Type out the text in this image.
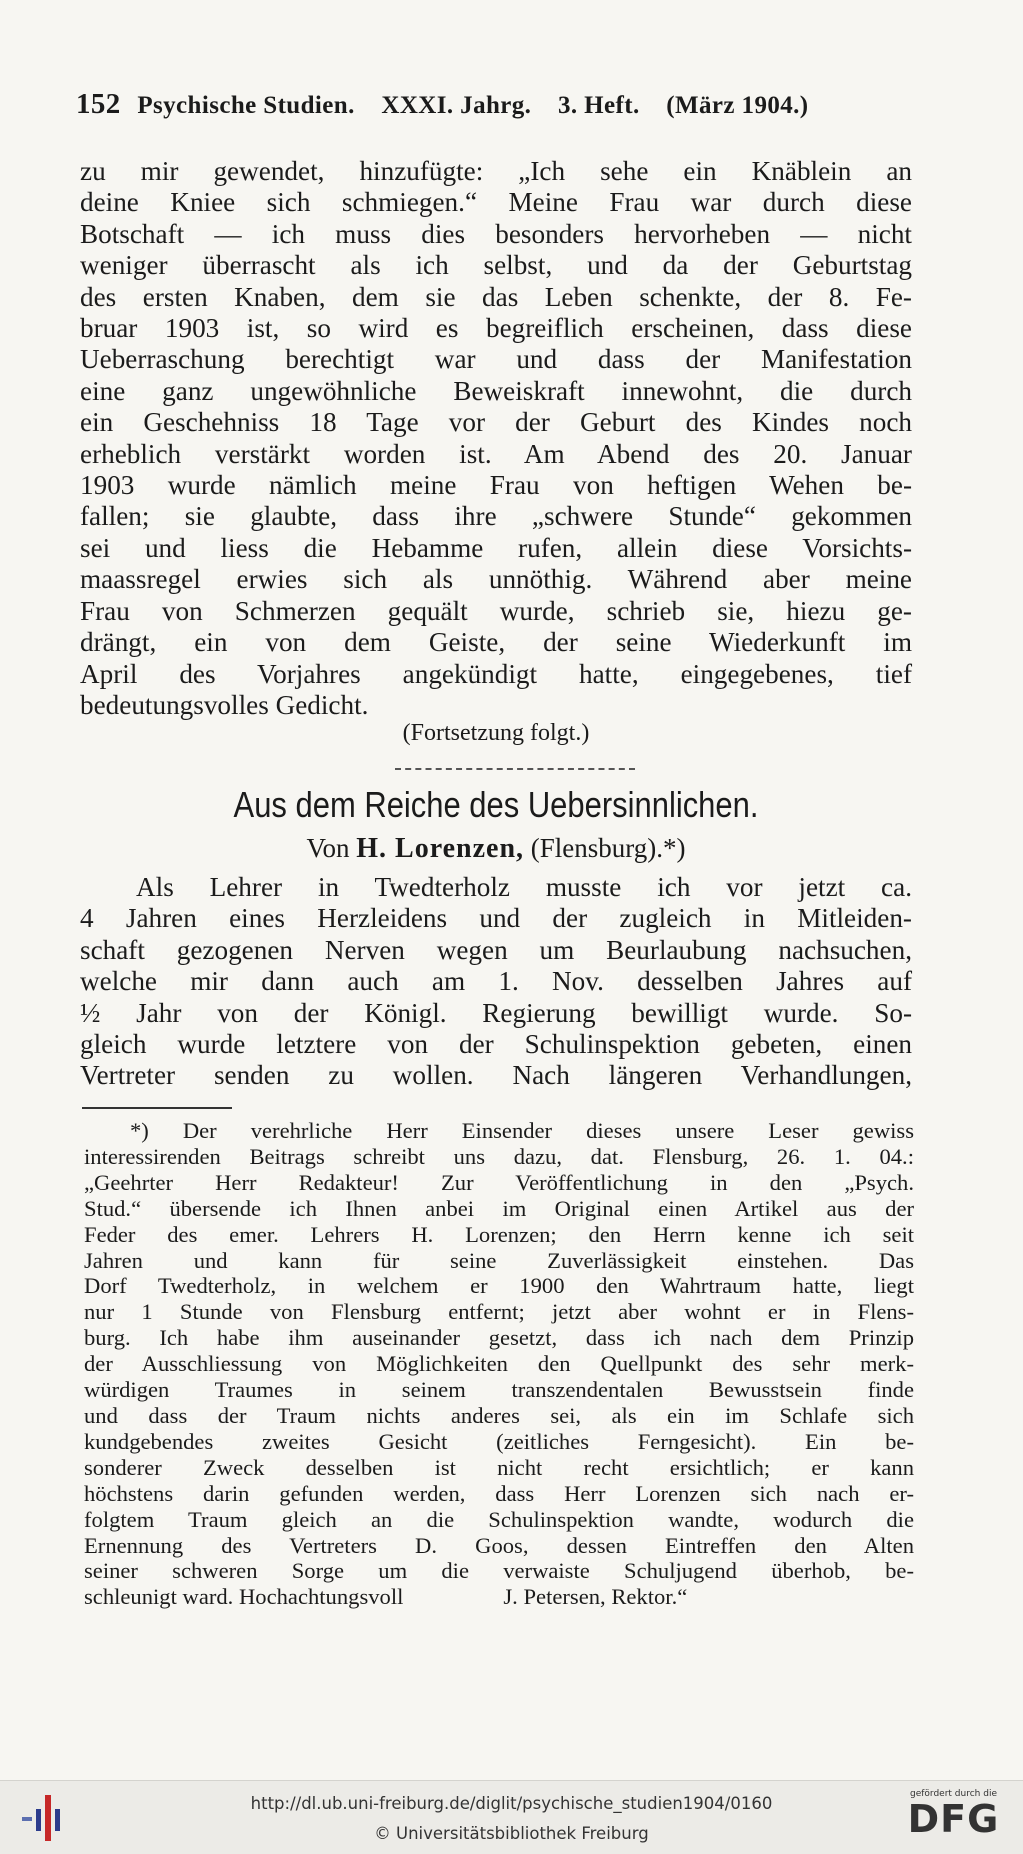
152 Psychische Studien. XXXI. Jahrg. 3. Heft. (März 1904.)
zu mir gewendet, hinzufügte: „Ich sehe ein Knäblein an
deine Kniee sich schmiegen.“ Meine Frau war durch diese
Botschaft — ich muss dies besonders hervorheben — nicht
weniger überrascht als ich selbst, und da der Geburtstag
des ersten Knaben, dem sie das Leben schenkte, der 8. Fe-
bruar 1903 ist, so wird es begreiflich erscheinen, dass diese
Ueberraschung berechtigt war und dass der Manifestation
eine ganz ungewöhnliche Beweiskraft innewohnt, die durch
ein Geschehniss 18 Tage vor der Geburt des Kindes noch
erheblich verstärkt worden ist. Am Abend des 20. Januar
1903 wurde nämlich meine Frau von heftigen Wehen be-
fallen; sie glaubte, dass ihre „schwere Stunde“ gekommen
sei und liess die Hebamme rufen, allein diese Vorsichts-
maassregel erwies sich als unnöthig. Während aber meine
Frau von Schmerzen gequält wurde, schrieb sie, hiezu ge-
drängt, ein von dem Geiste, der seine Wiederkunft im
April des Vorjahres angekündigt hatte, eingegebenes, tief
bedeutungsvolles Gedicht.
(Fortsetzung folgt.)
Aus dem Reiche des Uebersinnlichen.
Von H. Lorenzen, (Flensburg).*)
Als Lehrer in Twedterholz musste ich vor jetzt ca.
4 Jahren eines Herzleidens und der zugleich in Mitleiden-
schaft gezogenen Nerven wegen um Beurlaubung nachsuchen,
welche mir dann auch am 1. Nov. desselben Jahres auf
½ Jahr von der Königl. Regierung bewilligt wurde. So-
gleich wurde letztere von der Schulinspektion gebeten, einen
Vertreter senden zu wollen. Nach längeren Verhandlungen,
*) Der verehrliche Herr Einsender dieses unsere Leser gewiss
interessirenden Beitrags schreibt uns dazu, dat. Flensburg, 26. 1. 04.:
„Geehrter Herr Redakteur! Zur Veröffentlichung in den „Psych.
Stud.“ übersende ich Ihnen anbei im Original einen Artikel aus der
Feder des emer. Lehrers H. Lorenzen; den Herrn kenne ich seit
Jahren und kann für seine Zuverlässigkeit einstehen. Das
Dorf Twedterholz, in welchem er 1900 den Wahrtraum hatte, liegt
nur 1 Stunde von Flensburg entfernt; jetzt aber wohnt er in Flens-
burg. Ich habe ihm auseinander gesetzt, dass ich nach dem Prinzip
der Ausschliessung von Möglichkeiten den Quellpunkt des sehr merk-
würdigen Traumes in seinem transzendentalen Bewusstsein finde
und dass der Traum nichts anderes sei, als ein im Schlafe sich
kundgebendes zweites Gesicht (zeitliches Ferngesicht). Ein be-
sonderer Zweck desselben ist nicht recht ersichtlich; er kann
höchstens darin gefunden werden, dass Herr Lorenzen sich nach er-
folgtem Traum gleich an die Schulinspektion wandte, wodurch die
Ernennung des Vertreters D. Goos, dessen Eintreffen den Alten
seiner schweren Sorge um die verwaiste Schuljugend überhob, be-
schleunigt ward. Hochachtungsvoll	J. Petersen, Rektor.“
http://dl.ub.uni-freiburg.de/diglit/psychische_studien1904/0160
© Universitätsbibliothek Freiburg
gefördert durch die
DFG
